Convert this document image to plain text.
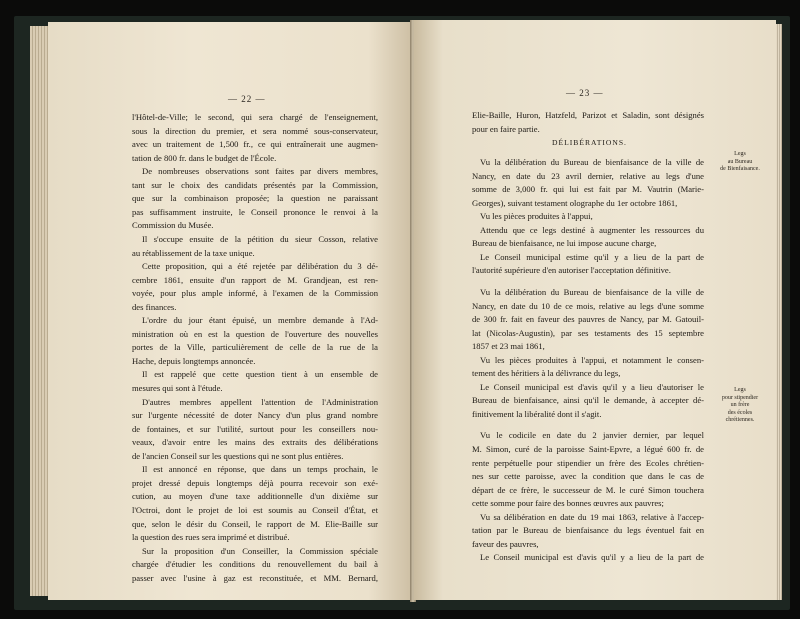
— 22 —
l'Hôtel-de-Ville; le second, qui sera chargé de l'enseignement,
sous la direction du premier, et sera nommé sous-conservateur,
avec un traitement de 1,500 fr., ce qui entraînerait une augmen-
tation de 800 fr. dans le budget de l'École.
De nombreuses observations sont faites par divers membres,
tant sur le choix des candidats présentés par la Commission,
que sur la combinaison proposée; la question ne paraissant
pas suffisamment instruite, le Conseil prononce le renvoi à la
Commission du Musée.
Il s'occupe ensuite de la pétition du sieur Cosson, relative
au rétablissement de la taxe unique.
Cette proposition, qui a été rejetée par délibération du 3 dé-
cembre 1861, ensuite d'un rapport de M. Grandjean, est ren-
voyée, pour plus ample informé, à l'examen de la Commission
des finances.
L'ordre du jour étant épuisé, un membre demande à l'Ad-
ministration où en est la question de l'ouverture des nouvelles
portes de la Ville, particulièrement de celle de la rue de la
Hache, depuis longtemps annoncée.
Il est rappelé que cette question tient à un ensemble de
mesures qui sont à l'étude.
D'autres membres appellent l'attention de l'Administration
sur l'urgente nécessité de doter Nancy d'un plus grand nombre
de fontaines, et sur l'utilité, surtout pour les conseillers nou-
veaux, d'avoir entre les mains des extraits des délibérations
de l'ancien Conseil sur les questions qui ne sont plus entières.
Il est annoncé en réponse, que dans un temps prochain, le
projet dressé depuis longtemps déjà pourra recevoir son exé-
cution, au moyen d'une taxe additionnelle d'un dixième sur
l'Octroi, dont le projet de loi est soumis au Conseil d'État, et
que, selon le désir du Conseil, le rapport de M. Elie-Baille sur
la question des rues sera imprimé et distribué.
Sur la proposition d'un Conseiller, la Commission spéciale
chargée d'étudier les conditions du renouvellement du bail à
passer avec l'usine à gaz est reconstituée, et MM. Bernard,
— 23 —
Elie-Baille, Huron, Hatzfeld, Parizot et Saladin, sont désignés
pour en faire partie.
DÉLIBÉRATIONS.
Vu la délibération du Bureau de bienfaisance de la ville de
Nancy, en date du 23 avril dernier, relative au legs d'une
somme de 3,000 fr. qui lui est fait par M. Vautrin (Marie-
Georges), suivant testament olographe du 1er octobre 1861,
Vu les pièces produites à l'appui,
Attendu que ce legs destiné à augmenter les ressources du
Bureau de bienfaisance, ne lui impose aucune charge,
Le Conseil municipal estime qu'il y a lieu de la part de
l'autorité supérieure d'en autoriser l'acceptation définitive.
Vu la délibération du Bureau de bienfaisance de la ville de
Nancy, en date du 10 de ce mois, relative au legs d'une somme
de 300 fr. fait en faveur des pauvres de Nancy, par M. Gatouil-
lat (Nicolas-Augustin), par ses testaments des 15 septembre
1857 et 23 mai 1861,
Vu les pièces produites à l'appui, et notamment le consen-
tement des héritiers à la délivrance du legs,
Le Conseil municipal est d'avis qu'il y a lieu d'autoriser le
Bureau de bienfaisance, ainsi qu'il le demande, à accepter dé-
finitivement la libéralité dont il s'agit.
Vu le codicile en date du 2 janvier dernier, par lequel
M. Simon, curé de la paroisse Saint-Epvre, a légué 600 fr. de
rente perpétuelle pour stipendier un frère des Ecoles chrétien-
nes sur cette paroisse, avec la condition que dans le cas de
départ de ce frère, le successeur de M. le curé Simon touchera
cette somme pour faire des bonnes œuvres aux pauvres;
Vu sa délibération en date du 19 mai 1863, relative à l'accep-
tation par le Bureau de bienfaisance du legs éventuel fait en
faveur des pauvres,
Le Conseil municipal est d'avis qu'il y a lieu de la part de
Legs
au Bureau
de Bienfaisance.
Legs
pour stipendier
un frère
des écoles
chrétiennes.
